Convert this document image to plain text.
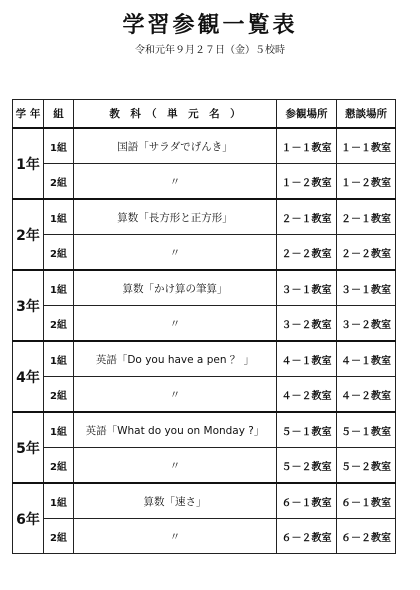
学習参観一覧表
令和元年９月２７日（金）５校時
学 年	組	教　科　（　単　元　名　）	参観場所	懇談場所
1年	1組	国語「サラダでげんき」	１－１教室	１－１教室
	2組	〃	１－２教室	１－２教室
2年	1組	算数「長方形と正方形」	２－１教室	２－１教室
	2組	〃	２－２教室	２－２教室
3年	1組	算数「かけ算の筆算」	３－１教室	３－１教室
	2組	〃	３－２教室	３－２教室
4年	1組	英語「Do you have a pen ？ 」	４－１教室	４－１教室
	2組	〃	４－２教室	４－２教室
5年	1組	英語「What do you on Monday ?」	５－１教室	５－１教室
	2組	〃	５－２教室	５－２教室
6年	1組	算数「速さ」	６－１教室	６－１教室
	2組	〃	６－２教室	６－２教室
